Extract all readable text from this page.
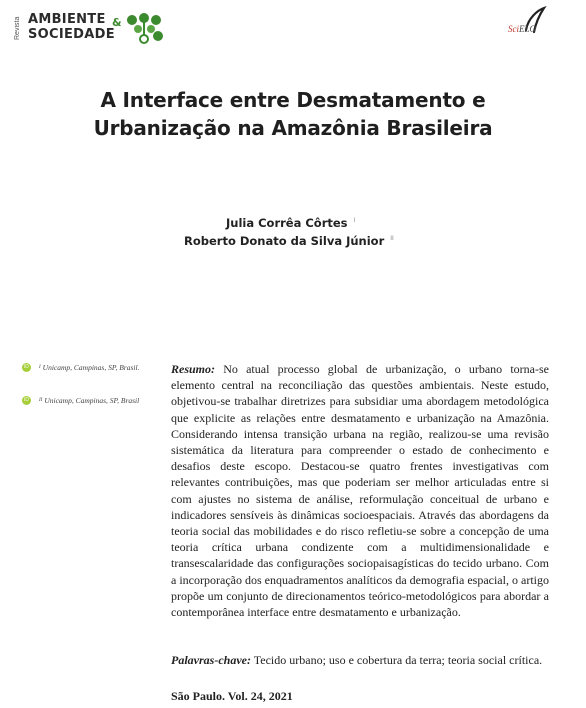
Revista AMBIENTE &
SOCIEDADE	SciELO
A Interface entre Desmatamento e Urbanização na Amazônia Brasileira
Julia Corrêa Côrtes $^I$
Roberto Donato da Silva Júnior $^{II}$
iD	I Unicamp, Campinas, SP, Brasil.
iD	II Unicamp, Campinas, SP, Brasil
Resumo: No atual processo global de urbanização, o urbano torna-se elemento central na reconciliação das questões ambientais. Neste estudo, objetivou-se trabalhar diretrizes para subsidiar uma abordagem metodológica que explicite as relações entre desmatamento e urbanização na Amazônia. Considerando intensa transição urbana na região, realizou-se uma revisão sistemática da literatura para compreender o estado de conhecimento e desafios deste escopo. Destacou-se quatro frentes investigativas com relevantes contribuições, mas que poderiam ser melhor articuladas entre si com ajustes no sistema de análise, reformulação conceitual de urbano e indicadores sensíveis às dinâmicas socioespaciais. Através das abordagens da teoria social das mobilidades e do risco refletiu-se sobre a concepção de uma teoria crítica urbana condizente com a multidimensionalidade e transescalaridade das configurações sociopaisagísticas do tecido urbano. Com a incorporação dos enquadramentos analíticos da demografia espacial, o artigo propõe um conjunto de direcionamentos teórico-metodológicos para abordar a contemporânea interface entre desmatamento e urbanização.
Palavras-chave: Tecido urbano; uso e cobertura da terra; teoria social crítica.
São Paulo. Vol. 24, 2021
